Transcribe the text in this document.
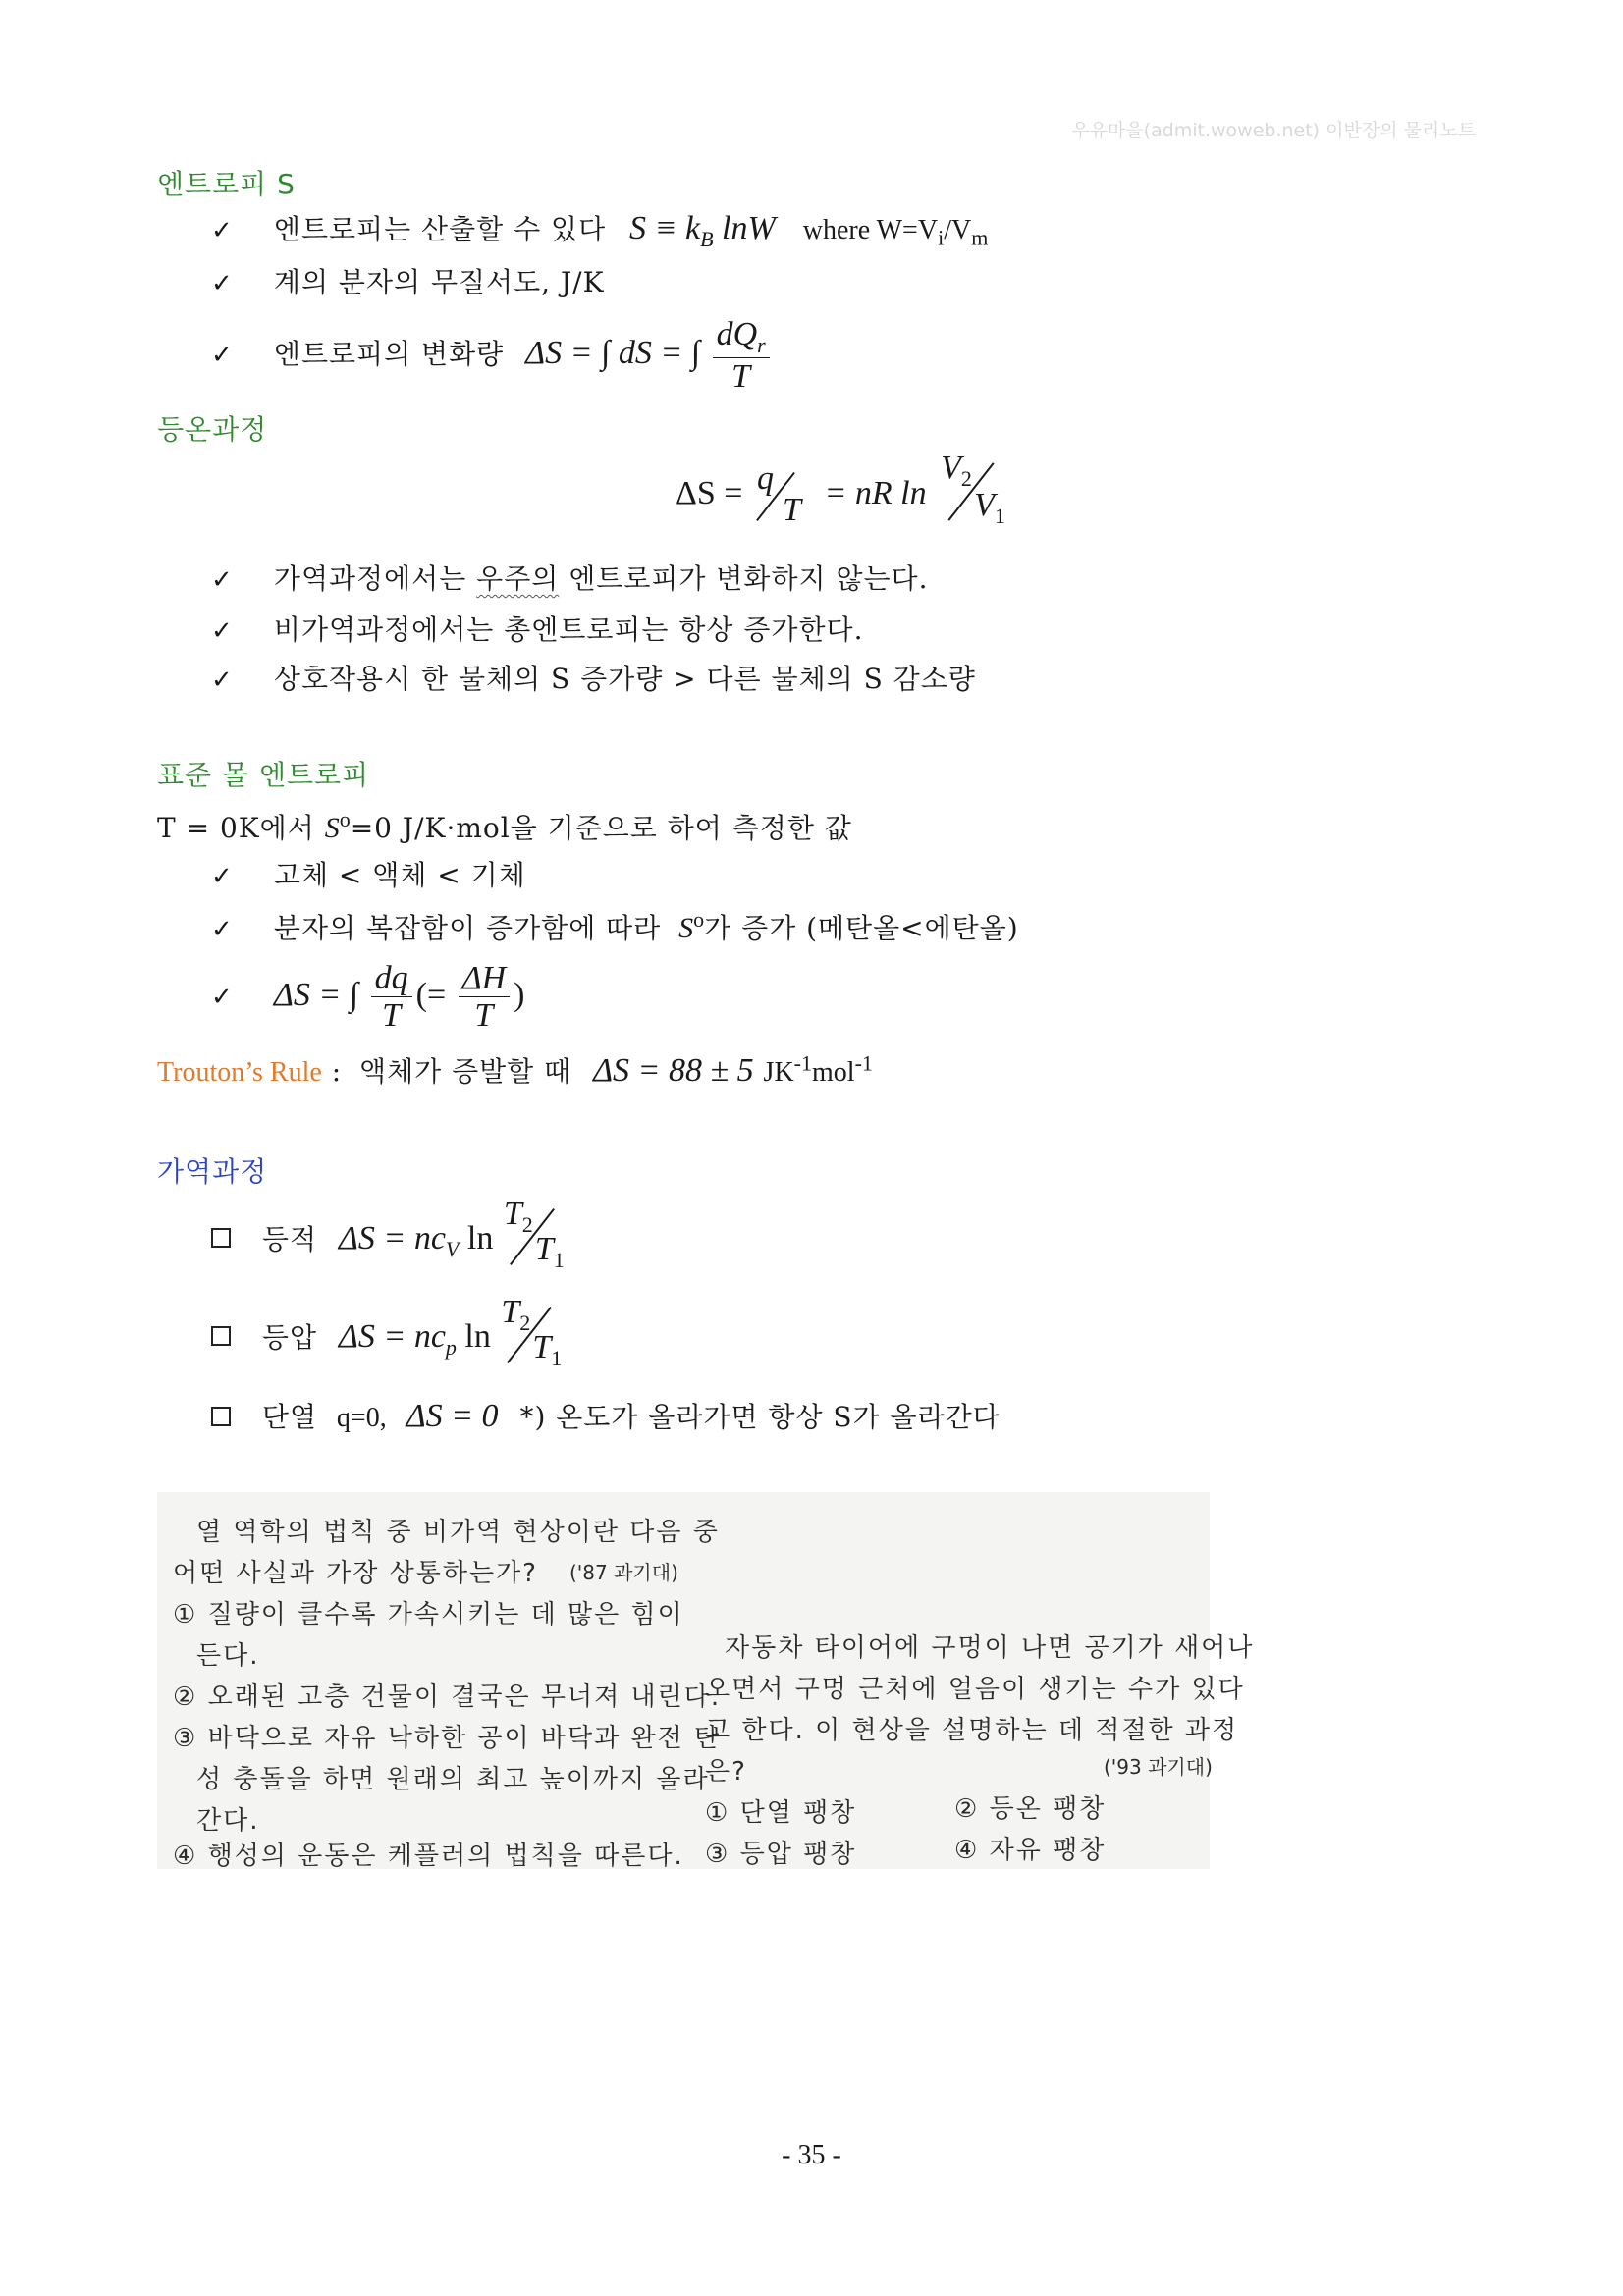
우유마을(admit.woweb.net) 이반장의 물리노트
엔트로피 S
✓ 엔트로피는 산출할 수 있다 $S \equiv k_B$ lnW where $W=V_i/V_m$
✓ 계의 분자의 무질서도, J/K
✓ 엔트로피의 변화량 ΔS = ∫ dS = ∫ $\frac{dQ_r}{T}$
등온과정
ΔS = q
T = nR ln
$V_2$
$V_1$
✓ 가역과정에서는 우주의 엔트로피가 변화하지 않는다.
✓ 비가역과정에서는 총엔트로피는 항상 증가한다.
✓ 상호작용시 한 물체의 S 증가량 > 다른 물체의 S 감소량
표준 몰 엔트로피
T = 0K에서 $S^o=0$ J/K·mol을 기준으로 하여 측정한 값
✓ 고체 < 액체 < 기체
✓ 분자의 복잡함이 증가함에 따라 $S^o$가 증가 (메탄올<에탄올)
✓ ΔS = ∫ $\frac{dq}{T}$ (= $\frac{\Delta H}{T}$ )
Trouton’s Rule : 액체가 증발할 때 ΔS = 88 ± 5 $JK^{-1}mol^{-1}$
가역과정
등적 $\Delta S = nc_V$ ln
$T_2$
$T_1$
등압 $\Delta S = nc_p$ ln
$T_2$
$T_1$
단열 q=0, ΔS = 0 *) 온도가 올라가면 항상 S가 올라간다
열 역학의 법칙 중 비가역 현상이란 다음 중
어떤 사실과 가장 상통하는가? ('87 과기대)
① 질량이 클수록 가속시키는 데 많은 힘이
든다.
② 오래된 고층 건물이 결국은 무너져 내린다.
③ 바닥으로 자유 낙하한 공이 바닥과 완전 탄
성 충돌을 하면 원래의 최고 높이까지 올라
간다.
④ 행성의 운동은 케플러의 법칙을 따른다.
자동차 타이어에 구멍이 나면 공기가 새어나
오면서 구멍 근처에 얼음이 생기는 수가 있다
고 한다. 이 현상을 설명하는 데 적절한 과정
은?	('93 과기대)
① 단열 팽창	② 등온 팽창
③ 등압 팽창	④ 자유 팽창
- 35 -
